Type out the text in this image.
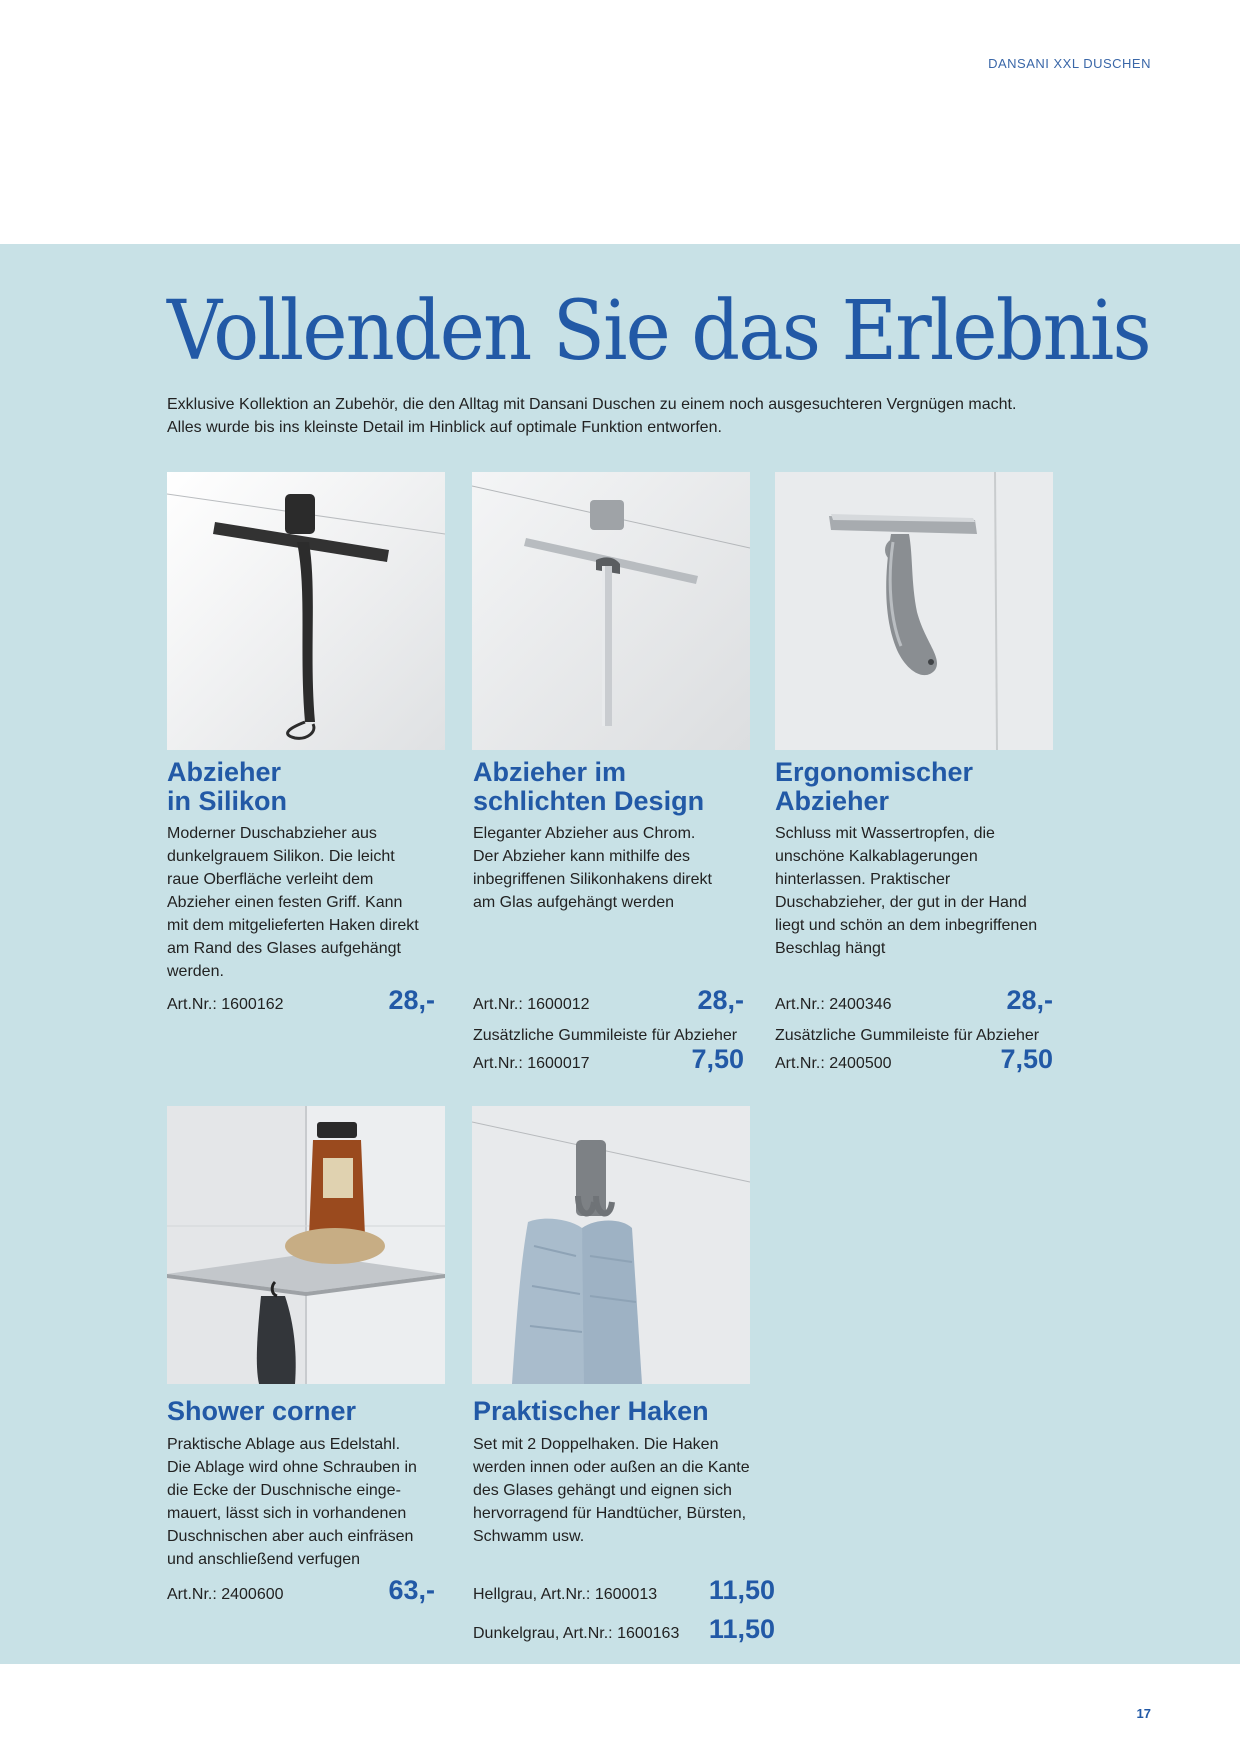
DANSANI XXL DUSCHEN
Vollenden Sie das Erlebnis

Exklusive Kollektion an Zubehör, die den Alltag mit Dansani Duschen zu einem noch ausgesuchteren Vergnügen macht.
Alles wurde bis ins kleinste Detail im Hinblick auf optimale Funktion entworfen.

Abzieher
in Silikon

Moderner Duschabzieher aus
dunkelgrauem Silikon. Die leicht
raue Oberfläche verleiht dem
Abzieher einen festen Griff. Kann
mit dem mitgelieferten Haken direkt
am Rand des Glases aufgehängt
werden.

Art.Nr.: 1600162	28,-
Abzieher im
schlichten Design

Eleganter Abzieher aus Chrom.
Der Abzieher kann mithilfe des
inbegriffenen Silikonhakens direkt
am Glas aufgehängt werden

Art.Nr.: 1600012	28,-
Zusätzliche Gummileiste für Abzieher
Art.Nr.: 1600017	7,50
Ergonomischer
Abzieher

Schluss mit Wassertropfen, die
unschöne Kalkablagerungen
hinterlassen. Praktischer
Duschabzieher, der gut in der Hand
liegt und schön an dem inbegriffenen
Beschlag hängt

Art.Nr.: 2400346	28,-
Zusätzliche Gummileiste für Abzieher
Art.Nr.: 2400500	7,50
Shower corner

Praktische Ablage aus Edelstahl.
Die Ablage wird ohne Schrauben in
die Ecke der Duschnische einge-
mauert, lässt sich in vorhandenen
Duschnischen aber auch einfräsen
und anschließend verfugen

Art.Nr.: 2400600	63,-
Praktischer Haken

Set mit 2 Doppelhaken. Die Haken
werden innen oder außen an die Kante
des Glases gehängt und eignen sich
hervorragend für Handtücher, Bürsten,
Schwamm usw.

Hellgrau, Art.Nr.: 1600013 11,50
Dunkelgrau, Art.Nr.: 1600163 11,50
17
